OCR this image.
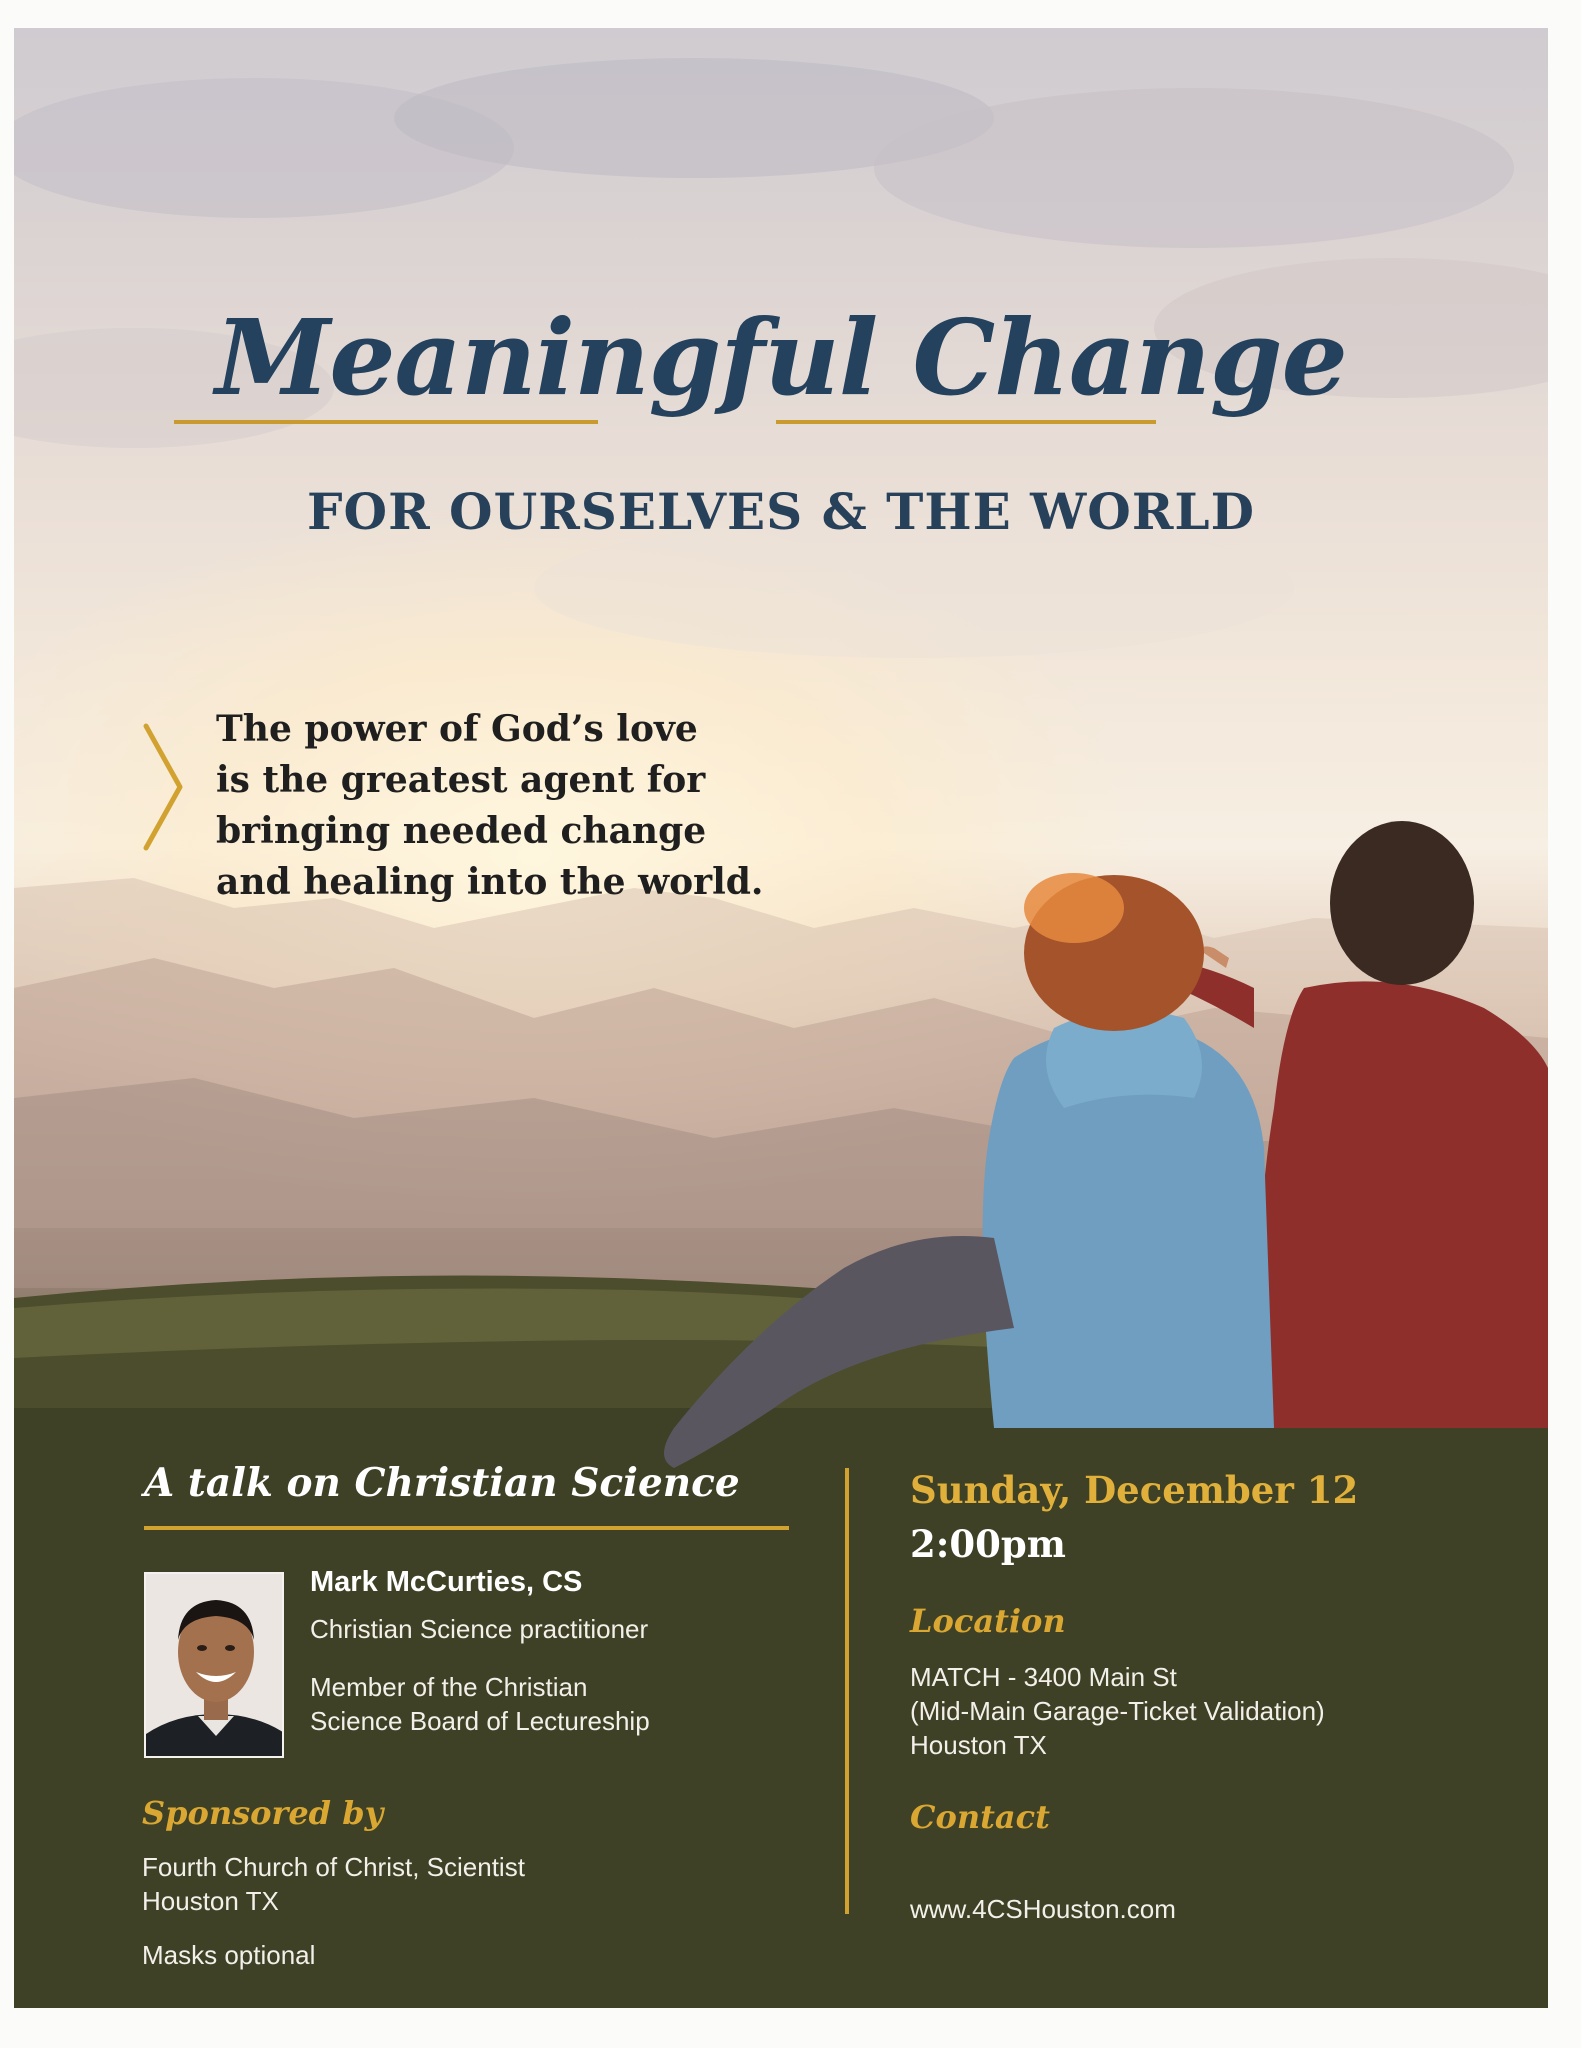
Meaningful Change
FOR OURSELVES & THE WORLD
The power of God’s love
is the greatest agent for
bringing needed change
and healing into the world.
A talk on Christian Science
Mark McCurties, CS
Christian Science practitioner
Member of the Christian
Science Board of Lectureship
Sponsored by
Fourth Church of Christ, Scientist
Houston TX
Masks optional
Sunday, December 12
2:00pm
Location
MATCH - 3400 Main St
(Mid-Main Garage-Ticket Validation)
Houston TX
Contact
www.4CSHouston.com
